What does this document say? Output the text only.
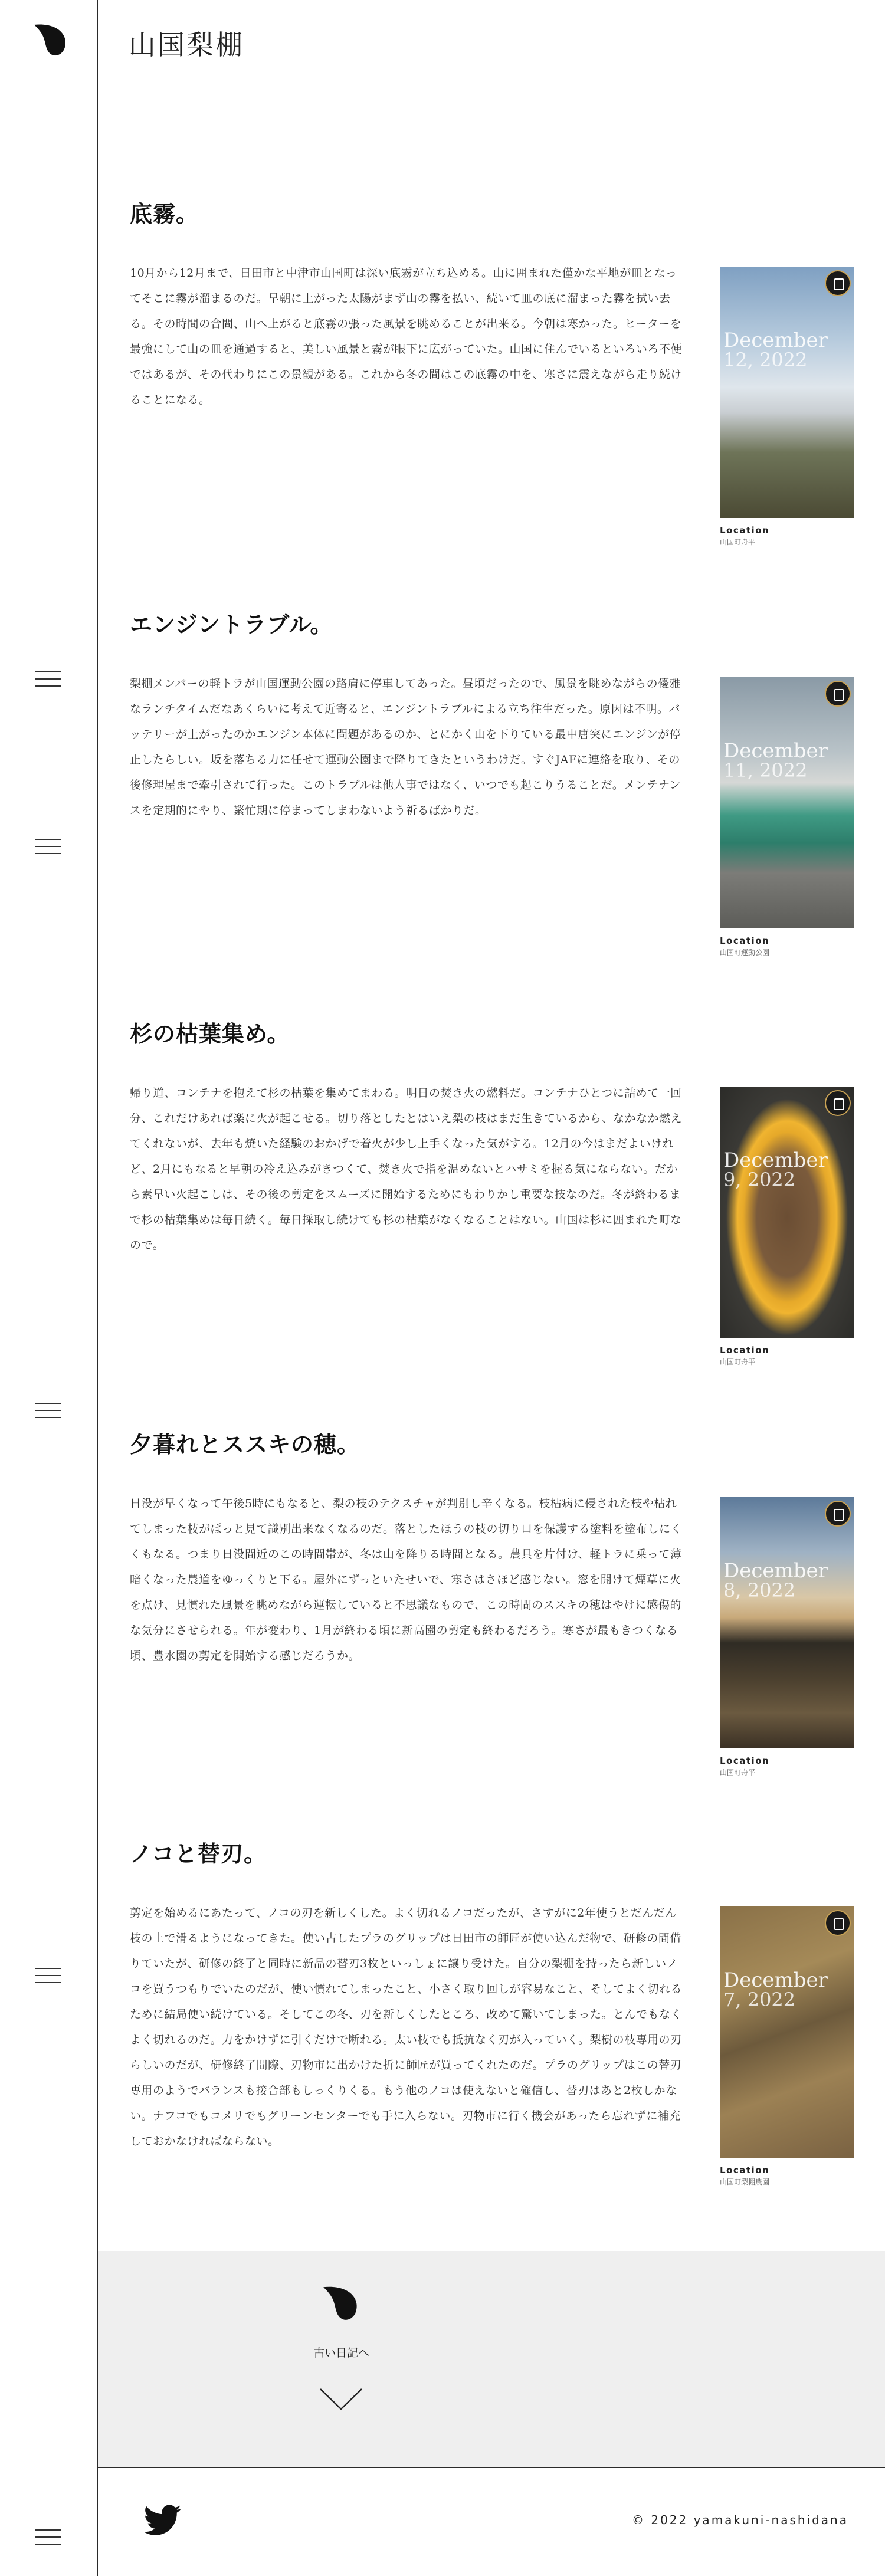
山国梨棚
底霧。
10月から12月まで、日田市と中津市山国町は深い底霧が立ち込める。山に囲まれた僅かな平地が皿となってそこに霧が溜まるのだ。早朝に上がった太陽がまず山の霧を払い、続いて皿の底に溜まった霧を拭い去る。その時間の合間、山へ上がると底霧の張った風景を眺めることが出来る。今朝は寒かった。ヒーターを最強にして山の皿を通過すると、美しい風景と霧が眼下に広がっていた。山国に住んでいるといろいろ不便ではあるが、その代わりにこの景観がある。これから冬の間はこの底霧の中を、寒さに震えながら走り続けることになる。
December
12, 2022
Location
山国町舟平
エンジントラブル。
梨棚メンバーの軽トラが山国運動公園の路肩に停車してあった。昼頃だったので、風景を眺めながらの優雅なランチタイムだなあくらいに考えて近寄ると、エンジントラブルによる立ち往生だった。原因は不明。バッテリーが上がったのかエンジン本体に問題があるのか、とにかく山を下りている最中唐突にエンジンが停止したらしい。坂を落ちる力に任せて運動公園まで降りてきたというわけだ。すぐJAFに連絡を取り、その後修理屋まで牽引されて行った。このトラブルは他人事ではなく、いつでも起こりうることだ。メンテナンスを定期的にやり、繁忙期に停まってしまわないよう祈るばかりだ。
December
11, 2022
Location
山国町運動公園
杉の枯葉集め。
帰り道、コンテナを抱えて杉の枯葉を集めてまわる。明日の焚き火の燃料だ。コンテナひとつに詰めて一回分、これだけあれば楽に火が起こせる。切り落としたとはいえ梨の枝はまだ生きているから、なかなか燃えてくれないが、去年も焼いた経験のおかげで着火が少し上手くなった気がする。12月の今はまだよいけれど、2月にもなると早朝の冷え込みがきつくて、焚き火で指を温めないとハサミを握る気にならない。だから素早い火起こしは、その後の剪定をスムーズに開始するためにもわりかし重要な技なのだ。冬が終わるまで杉の枯葉集めは毎日続く。毎日採取し続けても杉の枯葉がなくなることはない。山国は杉に囲まれた町なので。
December
9, 2022
Location
山国町舟平
夕暮れとススキの穂。
日没が早くなって午後5時にもなると、梨の枝のテクスチャが判別し辛くなる。枝枯病に侵された枝や枯れてしまった枝がぱっと見て識別出来なくなるのだ。落としたほうの枝の切り口を保護する塗料を塗布しにくくもなる。つまり日没間近のこの時間帯が、冬は山を降りる時間となる。農具を片付け、軽トラに乗って薄暗くなった農道をゆっくりと下る。屋外にずっといたせいで、寒さはさほど感じない。窓を開けて煙草に火を点け、見慣れた風景を眺めながら運転していると不思議なもので、この時間のススキの穂はやけに感傷的な気分にさせられる。年が変わり、1月が終わる頃に新高園の剪定も終わるだろう。寒さが最もきつくなる頃、豊水園の剪定を開始する感じだろうか。
December
8, 2022
Location
山国町舟平
ノコと替刃。
剪定を始めるにあたって、ノコの刃を新しくした。よく切れるノコだったが、さすがに2年使うとだんだん枝の上で滑るようになってきた。使い古したプラのグリップは日田市の師匠が使い込んだ物で、研修の間借りていたが、研修の終了と同時に新品の替刃3枚といっしょに譲り受けた。自分の梨棚を持ったら新しいノコを買うつもりでいたのだが、使い慣れてしまったこと、小さく取り回しが容易なこと、そしてよく切れるために結局使い続けている。そしてこの冬、刃を新しくしたところ、改めて驚いてしまった。とんでもなくよく切れるのだ。力をかけずに引くだけで断れる。太い枝でも抵抗なく刃が入っていく。梨樹の枝専用の刃らしいのだが、研修終了間際、刃物市に出かけた折に師匠が買ってくれたのだ。プラのグリップはこの替刃専用のようでバランスも接合部もしっくりくる。もう他のノコは使えないと確信し、替刃はあと2枚しかない。ナフコでもコメリでもグリーンセンターでも手に入らない。刃物市に行く機会があったら忘れずに補充しておかなければならない。
December
7, 2022
Location
山国町梨棚農園
古い日記へ
© 2022 yamakuni-nashidana
